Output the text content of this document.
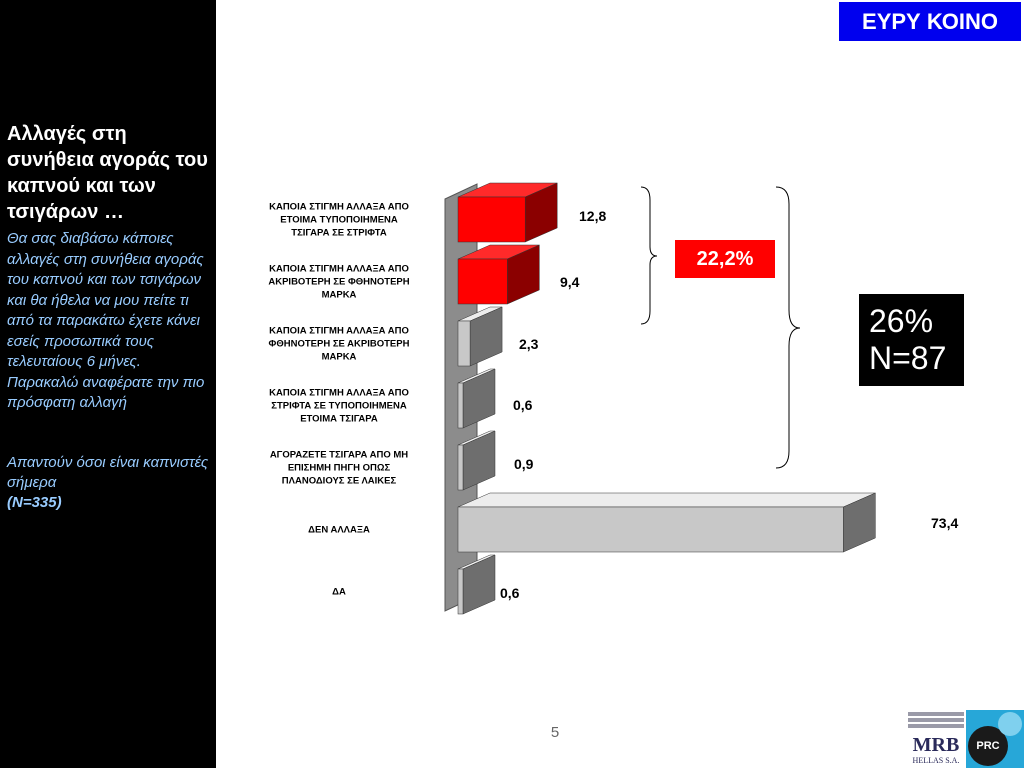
Αλλαγές στη συνήθεια αγοράς του καπνού και των τσιγάρων …
Θα σας διαβάσω κάποιες αλλαγές στη συνήθεια αγοράς του καπνού και των τσιγάρων και θα ήθελα να μου πείτε τι από τα παρακάτω έχετε κάνει εσείς προσωπικά τους τελευταίους 6 μήνες. Παρακαλώ αναφέρατε την πιο πρόσφατη αλλαγή
Απαντούν όσοι είναι καπνιστές σήμερα
(N=335)
ΕΥΡΥ ΚΟΙΝΟ
ΚΑΠΟΙΑ ΣΤΙΓΜΗ ΑΛΛΑΞΑ ΑΠΟ
ΕΤΟΙΜΑ ΤΥΠΟΠΟΙΗΜΕΝΑ
ΤΣΙΓΑΡΑ ΣΕ ΣΤΡΙΦΤΑ
ΚΑΠΟΙΑ ΣΤΙΓΜΗ ΑΛΛΑΞΑ ΑΠΟ
ΑΚΡΙΒΟΤΕΡΗ ΣΕ ΦΘΗΝΟΤΕΡΗ
ΜΑΡΚΑ
ΚΑΠΟΙΑ ΣΤΙΓΜΗ ΑΛΛΑΞΑ ΑΠΟ
ΦΘΗΝΟΤΕΡΗ ΣΕ ΑΚΡΙΒΟΤΕΡΗ
ΜΑΡΚΑ
ΚΑΠΟΙΑ ΣΤΙΓΜΗ ΑΛΛΑΞΑ ΑΠΟ
ΣΤΡΙΦΤΑ ΣΕ ΤΥΠΟΠΟΙΗΜΕΝΑ
ΕΤΟΙΜΑ ΤΣΙΓΑΡΑ
ΑΓΟΡΑΖΕΤΕ ΤΣΙΓΑΡΑ ΑΠΟ ΜΗ
ΕΠΙΣΗΜΗ ΠΗΓΗ ΟΠΩΣ
ΠΛΑΝΟΔΙΟΥΣ ΣΕ ΛΑΙΚΕΣ
ΔΕΝ ΑΛΛΑΞΑ
ΔΑ
12,8
9,4
2,3
0,6
0,9
73,4
0,6
22,2%
26%
N=87
5
MRB
HELLAS S.A.
PRC
